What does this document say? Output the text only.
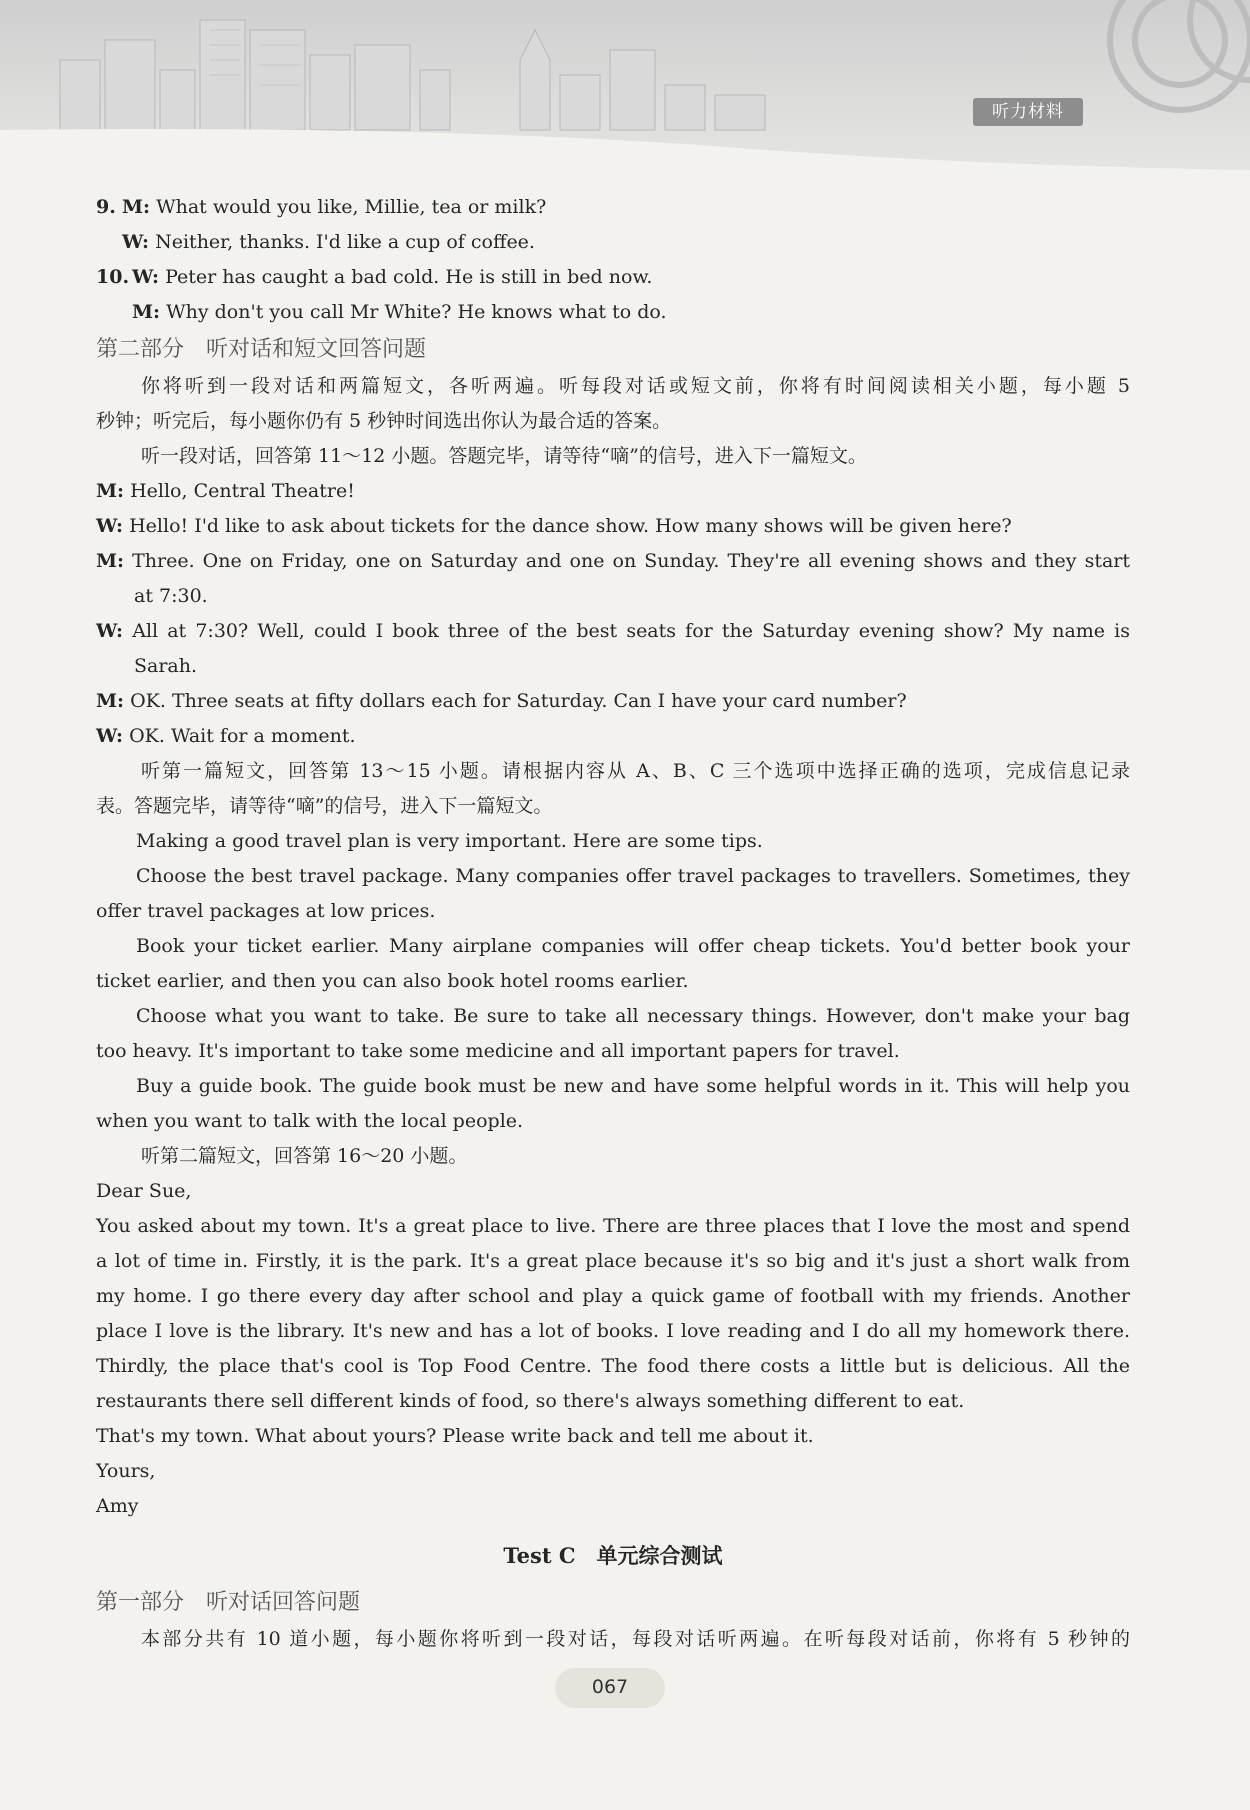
听力材料
9. M: What would you like, Millie, tea or milk?
W: Neither, thanks. I'd like a cup of coffee.
10. W: Peter has caught a bad cold. He is still in bed now.
M: Why don't you call Mr White? He knows what to do.
第二部分　听对话和短文回答问题
你将听到一段对话和两篇短文，各听两遍。听每段对话或短文前，你将有时间阅读相关小题，每小题 5
秒钟；听完后，每小题你仍有 5 秒钟时间选出你认为最合适的答案。
听一段对话，回答第 11～12 小题。答题完毕，请等待“嘀”的信号，进入下一篇短文。
M: Hello, Central Theatre!
W: Hello! I'd like to ask about tickets for the dance show. How many shows will be given here?
M: Three. One on Friday, one on Saturday and one on Sunday. They're all evening shows and they start
at 7:30.
W: All at 7:30? Well, could I book three of the best seats for the Saturday evening show? My name is
Sarah.
M: OK. Three seats at fifty dollars each for Saturday. Can I have your card number?
W: OK. Wait for a moment.
听第一篇短文，回答第 13～15 小题。请根据内容从 A、B、C 三个选项中选择正确的选项，完成信息记录
表。答题完毕，请等待“嘀”的信号，进入下一篇短文。
Making a good travel plan is very important. Here are some tips.
Choose the best travel package. Many companies offer travel packages to travellers. Sometimes, they
offer travel packages at low prices.
Book your ticket earlier. Many airplane companies will offer cheap tickets. You'd better book your
ticket earlier, and then you can also book hotel rooms earlier.
Choose what you want to take. Be sure to take all necessary things. However, don't make your bag
too heavy. It's important to take some medicine and all important papers for travel.
Buy a guide book. The guide book must be new and have some helpful words in it. This will help you
when you want to talk with the local people.
听第二篇短文，回答第 16～20 小题。
Dear Sue,
You asked about my town. It's a great place to live. There are three places that I love the most and spend
a lot of time in. Firstly, it is the park. It's a great place because it's so big and it's just a short walk from
my home. I go there every day after school and play a quick game of football with my friends. Another
place I love is the library. It's new and has a lot of books. I love reading and I do all my homework there.
Thirdly, the place that's cool is Top Food Centre. The food there costs a little but is delicious. All the
restaurants there sell different kinds of food, so there's always something different to eat.
That's my town. What about yours? Please write back and tell me about it.
Yours,
Amy
Test C　单元综合测试
第一部分　听对话回答问题
本部分共有 10 道小题，每小题你将听到一段对话，每段对话听两遍。在听每段对话前，你将有 5 秒钟的
067
